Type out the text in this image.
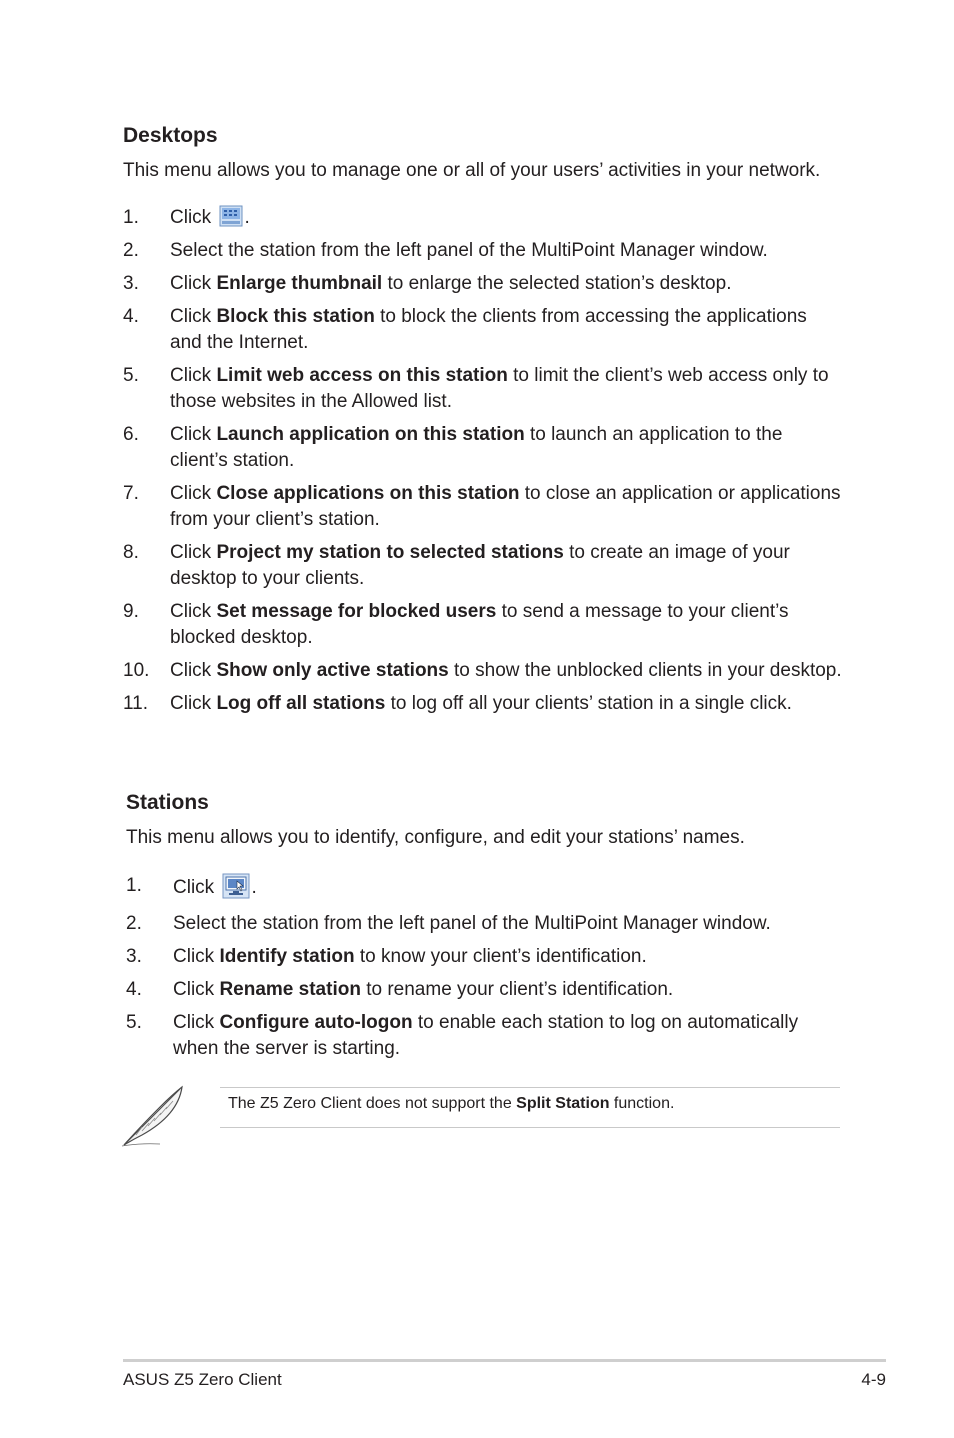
Desktops

This menu allows you to manage one or all of your users’ activities in your network.

1. Click .
2. Select the station from the left panel of the MultiPoint Manager window.
3. Click Enlarge thumbnail to enlarge the selected station’s desktop.
4. Click Block this station to block the clients from accessing the applications and the Internet.
5. Click Limit web access on this station to limit the client’s web access only to those websites in the Allowed list.
6. Click Launch application on this station to launch an application to the client’s station.
7. Click Close applications on this station to close an application or applications from your client’s station.
8. Click Project my station to selected stations to create an image of your desktop to your clients.
9. Click Set message for blocked users to send a message to your client’s blocked desktop.
10. Click Show only active stations to show the unblocked clients in your desktop.
11. Click Log off all stations to log off all your clients’ station in a single click.
Stations

This menu allows you to identify, configure, and edit your stations’ names.

1. Click .
2. Select the station from the left panel of the MultiPoint Manager window.
3. Click Identify station to know your client’s identification.
4. Click Rename station to rename your client’s identification.
5. Click Configure auto-logon to enable each station to log on automatically when the server is starting.
The Z5 Zero Client does not support the Split Station function.
ASUS Z5 Zero Client	4-9
